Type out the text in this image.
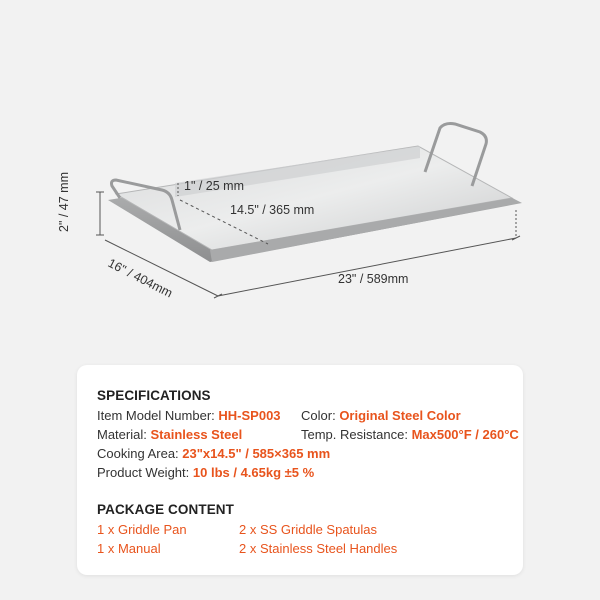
1" / 25 mm
14.5" / 365 mm
2" / 47 mm
16" / 404mm	23" / 589mm
SPECIFICATIONS
Item Model Number: HH-SP003 Color: Original Steel Color
Material: Stainless Steel	Temp. Resistance: Max500°F / 260°C
Cooking Area: 23"x14.5" / 585×365 mm
Product Weight: 10 lbs / 4.65kg ±5 %
PACKAGE CONTENT
1 x Griddle Pan	2 x SS Griddle Spatulas
1 x Manual	2 x Stainless Steel Handles
